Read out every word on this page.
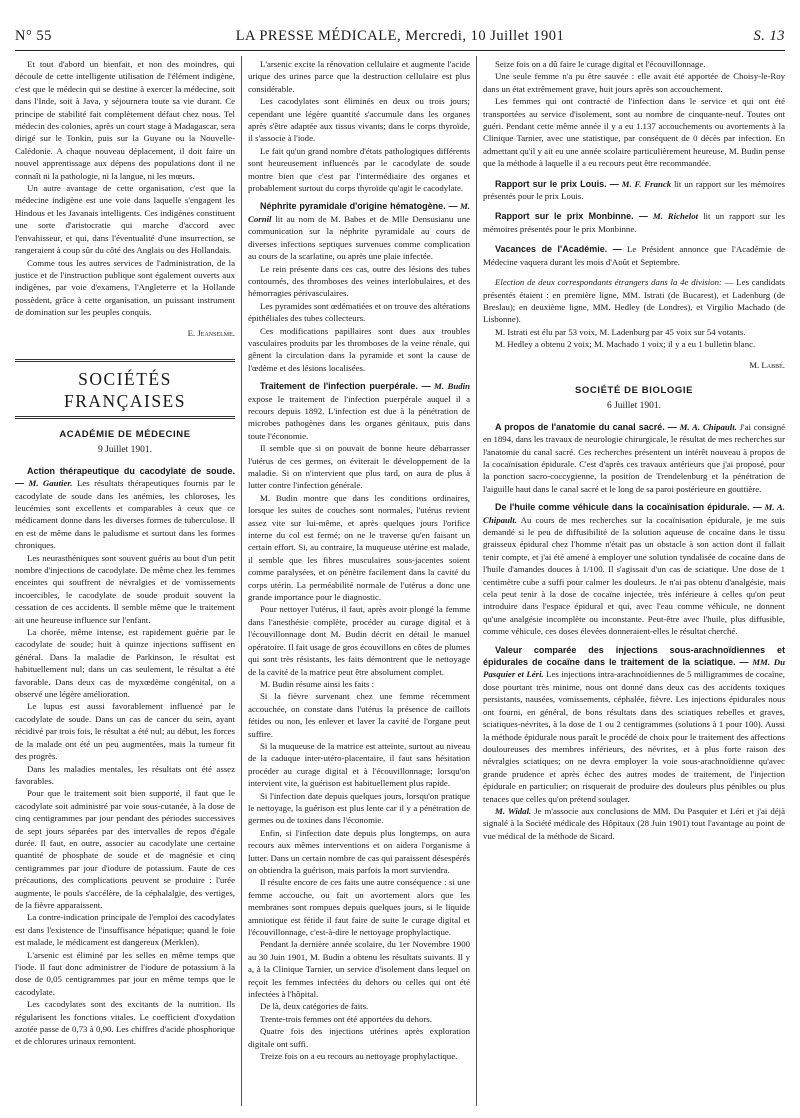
N° 55	LA PRESSE MÉDICALE, Mercredi, 10 Juillet 1901	S. 13

Et tout d'abord un bienfait, et non des moindres, qui découle de cette intelligente utilisation de l'élément indigène, c'est que le médecin qui se destine à exercer la médecine, soit dans l'Inde, soit à Java, y séjournera toute sa vie durant. Ce principe de stabilité fait complètement défaut chez nous. Tel médecin des colonies, après un court stage à Madagascar, sera dirigé sur le Tonkin, puis sur la Guyane ou la Nouvelle-Calédonie. A chaque nouveau déplacement, il doit faire un nouvel apprentissage aux dépens des populations dont il ne connaît ni la pathologie, ni la langue, ni les mœurs.

Un autre avantage de cette organisation, c'est que la médecine indigène est une voie dans laquelle s'engagent les Hindous et les Javanais intelligents. Ces indigènes constituent une sorte d'aristocratie qui marche d'accord avec l'envahisseur, et qui, dans l'éventualité d'une insurrection, se rangeraient à coup sûr du côté des Anglais ou des Hollandais.

Comme tous les autres services de l'administration, de la justice et de l'instruction publique sont également ouverts aux indigènes, par voie d'examens, l'Angleterre et la Hollande possèdent, grâce à cette organisation, un puissant instrument de domination sur les peuples conquis.

E. Jeanselme.
SOCIÉTÉS FRANÇAISES
ACADÉMIE DE MÉDECINE
9 Juillet 1901.

Action thérapeutique du cacodylate de soude. — M. Gautier. Les résultats thérapeutiques fournis par le cacodylate de soude dans les anémies, les chloroses, les leucémies sont excellents et comparables à ceux que ce médicament donne dans les diverses formes de tuberculose. Il en est de même dans le paludisme et surtout dans les formes chroniques.

Les neurasthéniques sont souvent guéris au bout d'un petit nombre d'injections de cacodylate. De même chez les femmes enceintes qui souffrent de névralgies et de vomissements incoercibles, le cacodylate de soude produit souvent la cessation de ces accidents. Il semble même que le traitement ait une heureuse influence sur l'enfant.

La chorée, même intense, est rapidement guérie par le cacodylate de soude; huit à quinze injections suffisent en général. Dans la maladie de Parkinson, le résultat est habituellement nul; dans un cas seulement, le résultat a été favorable. Dans deux cas de myxœdème congénital, on a observé une légère amélioration.

Le lupus est aussi favorablement influencé par le cacodylate de soude. Dans un cas de cancer du sein, ayant récidivé par trois fois, le résultat a été nul; au début, les forces de la malade ont été un peu augmentées, mais la tumeur fit des progrès.

Dans les maladies mentales, les résultats ont été assez favorables.

Pour que le traitement soit bien supporté, il faut que le cacodylate soit administré par voie sous-cutanée, à la dose de cinq centigrammes par jour pendant des périodes successives de sept jours séparées par des intervalles de repos d'égale durée. Il faut, en outre, associer au cacodylate une certaine quantité de phosphate de soude et de magnésie et cinq centigrammes par jour d'iodure de potassium. Faute de ces précautions, des complications peuvent se produire : l'urée augmente, le pouls s'accélère, de la céphalalgie, des vertiges, de la fièvre apparaissent.

La contre-indication principale de l'emploi des cacodylates est dans l'existence de l'insuffisance hépatique; quand le foie est malade, le médicament est dangereux (Merklen).

L'arsenic est éliminé par les selles en même temps que l'iode. Il faut donc administrer de l'iodure de potassium à la dose de 0,05 centigrammes par jour en même temps que le cacodylate.

Les cacodylates sont des excitants de la nutrition. Ils régularisent les fonctions vitales. Le coefficient d'oxydation azotée passe de 0,73 à 0,90. Les chiffres d'acide phosphorique et de chlorures urinaux remontent.

L'arsenic excite la rénovation cellulaire et augmente l'acide urique des urines parce que la destruction cellulaire est plus considérable.

Les cacodylates sont éliminés en deux ou trois jours; cependant une légère quantité s'accumule dans les organes après s'être adaptée aux tissus vivants; dans le corps thyroïde, il s'associe à l'iode.

Le fait qu'un grand nombre d'états pathologiques différents sont heureusement influencés par le cacodylate de soude montre bien que c'est par l'intermédiaire des organes et probablement surtout du corps thyroïde qu'agit le cacodylate.

Néphrite pyramidale d'origine hématogène. — M. Cornil lit au nom de M. Babes et de Mlle Densusianu une communication sur la néphrite pyramidale au cours de diverses infections septiques survenues comme complication au cours de la scarlatine, ou après une plaie infectée.

Le rein présente dans ces cas, outre des lésions des tubes contournés, des thromboses des veines interlobulaires, et des hémorragies périvasculaires.

Les pyramides sont œdématiées et on trouve des altérations épithéliales des tubes collecteurs.

Ces modifications papillaires sont dues aux troubles vasculaires produits par les thromboses de la veine rénale, qui gênent la circulation dans la pyramide et sont la cause de l'œdème et des lésions localisées.

Traitement de l'infection puerpérale. — M. Budin expose le traitement de l'infection puerpérale auquel il a recours depuis 1892. L'infection est due à la pénétration de microbes pathogènes dans les organes génitaux, puis dans toute l'économie.

Il semble que si on pouvait de bonne heure débarrasser l'utérus de ces germes, on éviterait le développement de la maladie. Si on n'intervient que plus tard, on aura de plus à lutter contre l'infection générale.

M. Budin montre que dans les conditions ordinaires, lorsque les suites de couches sont normales, l'utérus revient assez vite sur lui-même, et après quelques jours l'orifice interne du col est fermé; on ne le traverse qu'en faisant un certain effort. Si, au contraire, la muqueuse utérine est malade, il semble que les fibres musculaires sous-jacentes soient comme paralysées, et on pénètre facilement dans la cavité du corps utérin. La perméabilité normale de l'utérus a donc une grande importance pour le diagnostic.

Pour nettoyer l'utérus, il faut, après avoir plongé la femme dans l'anesthésie complète, procéder au curage digital et à l'écouvillonnage dont M. Budin décrit en détail le manuel opératoire. Il fait usage de gros écouvillons en côtes de plumes qui sont très résistants, les faits démontrent que le nettoyage de la cavité de la matrice peut être absolument complet.

M. Budin résume ainsi les faits :

Si la fièvre survenant chez une femme récemment accouchée, on constate dans l'utérus la présence de caillots fétides ou non, les enlever et laver la cavité de l'organe peut suffire.

Si la muqueuse de la matrice est atteinte, surtout au niveau de la caduque inter-utéro-placentaire, il faut sans hésitation procéder au curage digital et à l'écouvillonnage; lorsqu'on intervient vite, la guérison est habituellement plus rapide.

Si l'infection date depuis quelques jours, lorsqu'on pratique le nettoyage, la guérison est plus lente car il y a pénétration de germes ou de toxines dans l'économie.

Enfin, si l'infection date depuis plus longtemps, on aura recours aux mêmes interventions et on aidera l'organisme à lutter. Dans un certain nombre de cas qui paraissent désespérés on obtiendra la guérison, mais parfois la mort surviendra.

Il résulte encore de ces faits une autre conséquence : si une femme accouche, ou fait un avortement alors que les membranes sont rompues depuis quelques jours, si le liquide amniotique est fétide il faut faire de suite le curage digital et l'écouvillonnage, c'est-à-dire le nettoyage prophylactique.

Pendant la dernière année scolaire, du 1er Novembre 1900 au 30 Juin 1901, M. Budin a obtenu les résultats suivants. Il y a, à la Clinique Tarnier, un service d'isolement dans lequel on reçoit les femmes infectées du dehors ou celles qui ont été infectées à l'hôpital.

De là, deux catégories de faits.

Trente-trois femmes ont été apportées du dehors.

Quatre fois des injections utérines après exploration digitale ont suffi.

Treize fois on a eu recours au nettoyage prophylactique.

Seize fois on a dû faire le curage digital et l'écouvillonnage.

Une seule femme n'a pu être sauvée : elle avait été apportée de Choisy-le-Roy dans un état extrêmement grave, huit jours après son accouchement.

Les femmes qui ont contracté de l'infection dans le service et qui ont été transportées au service d'isolement, sont au nombre de cinquante-neuf. Toutes ont guéri. Pendant cette même année il y a eu 1.137 accouchements ou avortements à la Clinique Tarnier, avec une statistique, par conséquent de 0 décès par infection. En admettant qu'il y ait eu une année scolaire particulièrement heureuse, M. Budin pense que la méthode à laquelle il a eu recours peut être recommandée.

Rapport sur le prix Louis. — M. F. Franck lit un rapport sur les mémoires présentés pour le prix Louis.

Rapport sur le prix Monbinne. — M. Richelot lit un rapport sur les mémoires présentés pour le prix Monbinne.

Vacances de l'Académie. — Le Président annonce que l'Académie de Médecine vaquera durant les mois d'Août et Septembre.

Election de deux correspondants étrangers dans la 4e division: — Les candidats présentés étaient : en première ligne, MM. Istrati (de Bucarest), et Ladenburg (de Breslau); en deuxième ligne, MM. Hedley (de Londres), et Virgilio Machado (de Lisbonne).

M. Istrati est élu par 53 voix, M. Ladenburg par 45 voix sur 54 votants.

M. Hedley a obtenu 2 voix; M. Machado 1 voix; il y a eu 1 bulletin blanc.

M. Labbé.
SOCIÉTÉ DE BIOLOGIE
6 Juillet 1901.

A propos de l'anatomie du canal sacré. — M. A. Chipault. J'ai consigné en 1894, dans les travaux de neurologie chirurgicale, le résultat de mes recherches sur l'anatomie du canal sacré. Ces recherches présentent un intérêt nouveau à propos de la cocaïnisation épidurale. C'est d'après ces travaux antérieurs que j'ai proposé, pour la ponction sacro-coccygienne, la position de Trendelenburg et la pénétration de l'aiguille haut dans le canal sacré et le long de sa paroi postérieure en gouttière.

De l'huile comme véhicule dans la cocaïnisation épidurale. — M. A. Chipault. Au cours de mes recherches sur la cocaïnisation épidurale, je me suis demandé si le peu de diffusibilité de la solution aqueuse de cocaïne dans le tissu graisseux épidural chez l'homme n'était pas un obstacle à son action dont il fallait tenir compte, et j'ai été amené à employer une solution tyndalisée de cocaïne dans de l'huile d'amandes douces à 1/100. Il s'agissait d'un cas de sciatique. Une dose de 1 centimètre cube a suffi pour calmer les douleurs. Je n'ai pas obtenu d'analgésie, mais cela peut tenir à la dose de cocaïne injectée, très inférieure à celles qu'on peut introduire dans l'espace épidural et qui, avec l'eau comme véhicule, ne donnent qu'une analgésie incomplète ou inconstante. Peut-être avec l'huile, plus diffusible, comme véhicule, ces doses élevées donneraient-elles le résultat cherché.

Valeur comparée des injections sous-arachnoïdiennes et épidurales de cocaïne dans le traitement de la sciatique. — MM. Du Pasquier et Léri. Les injections intra-arachnoïdiennes de 5 milligrammes de cocaïne, dose pourtant très minime, nous ont donné dans deux cas des accidents toxiques persistants, nausées, vomissements, céphalée, fièvre. Les injections épidurales nous ont fourni, en général, de bons résultats dans des sciatiques rebelles et graves, sciatiques-névrites, à la dose de 1 ou 2 centigrammes (solutions à 1 pour 100). Aussi la méthode épidurale nous paraît le procédé de choix pour le traitement des affections douloureuses des membres inférieurs, des névrites, et à plus forte raison des névralgies sciatiques; on ne devra employer la voie sous-arachnoïdienne qu'avec grande prudence et après échec des autres modes de traitement, de l'injection épidurale en particulier; on risquerait de produire des douleurs plus pénibles ou plus tenaces que celles qu'on prétend soulager.

M. Widal. Je m'associe aux conclusions de MM. Du Pasquier et Léri et j'ai déjà signalé à la Société médicale des Hôpitaux (28 Juin 1901) tout l'avantage au point de vue médical de la méthode de Sicard.
